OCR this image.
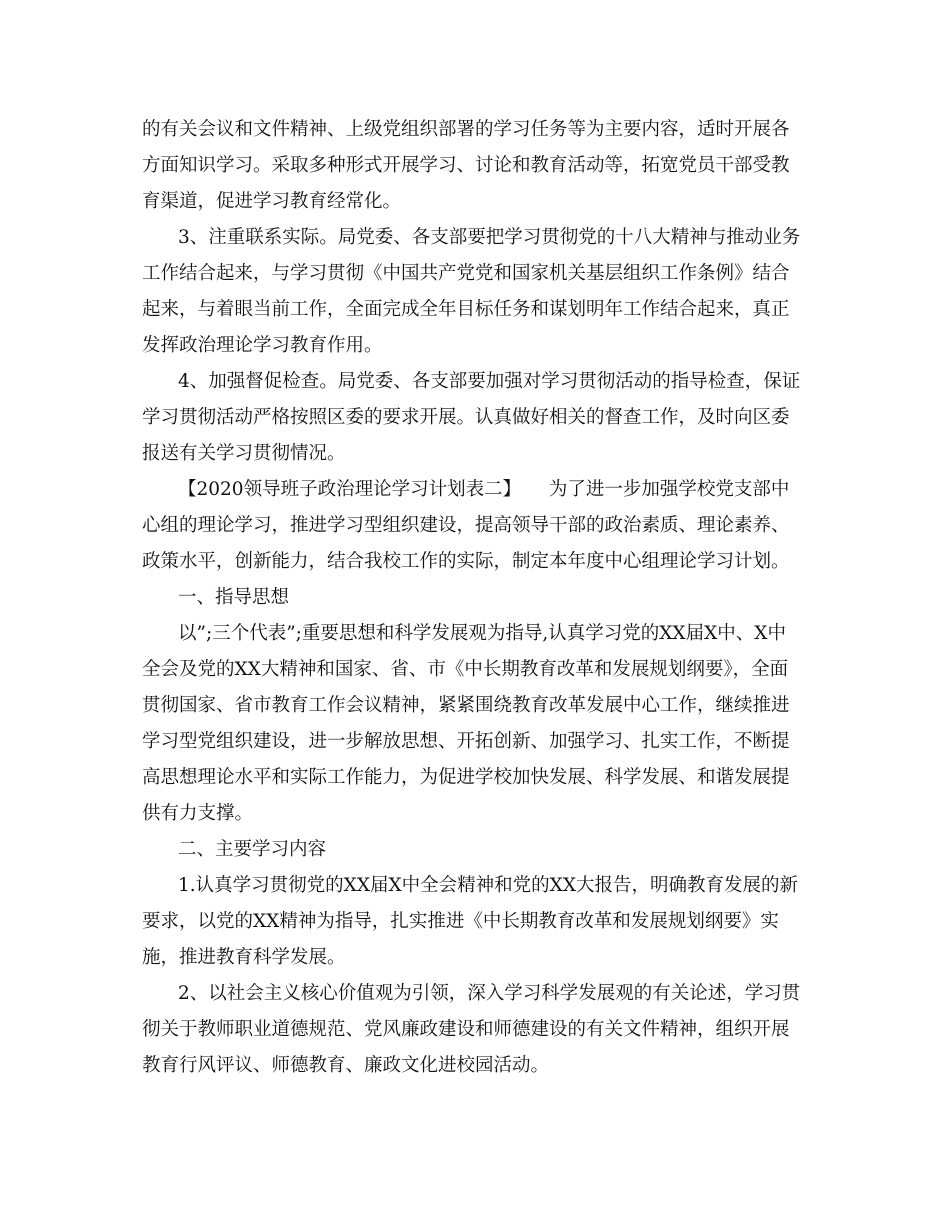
的有关会议和文件精神、上级党组织部署的学习任务等为主要内容，适时开展各
方面知识学习。采取多种形式开展学习、讨论和教育活动等，拓宽党员干部受教
育渠道，促进学习教育经常化。
3、注重联系实际。局党委、各支部要把学习贯彻党的十八大精神与推动业务
工作结合起来，与学习贯彻《中国共产党党和国家机关基层组织工作条例》结合
起来，与着眼当前工作，全面完成全年目标任务和谋划明年工作结合起来，真正
发挥政治理论学习教育作用。
4、加强督促检查。局党委、各支部要加强对学习贯彻活动的指导检查，保证
学习贯彻活动严格按照区委的要求开展。认真做好相关的督查工作，及时向区委
报送有关学习贯彻情况。
【2020领导班子政治理论学习计划表二】　　为了进一步加强学校党支部中
心组的理论学习，推进学习型组织建设，提高领导干部的政治素质、理论素养、
政策水平，创新能力，结合我校工作的实际，制定本年度中心组理论学习计划。
一、指导思想
以”;三个代表”;重要思想和科学发展观为指导,认真学习党的XX届X中、X中
全会及党的XX大精神和国家、省、市《中长期教育改革和发展规划纲要》，全面
贯彻国家、省市教育工作会议精神，紧紧围绕教育改革发展中心工作，继续推进
学习型党组织建设，进一步解放思想、开拓创新、加强学习、扎实工作，不断提
高思想理论水平和实际工作能力，为促进学校加快发展、科学发展、和谐发展提
供有力支撑。
二、主要学习内容
1.认真学习贯彻党的XX届X中全会精神和党的XX大报告，明确教育发展的新
要求，以党的XX精神为指导，扎实推进《中长期教育改革和发展规划纲要》实
施，推进教育科学发展。
2、以社会主义核心价值观为引领，深入学习科学发展观的有关论述，学习贯
彻关于教师职业道德规范、党风廉政建设和师德建设的有关文件精神，组织开展
教育行风评议、师德教育、廉政文化进校园活动。
